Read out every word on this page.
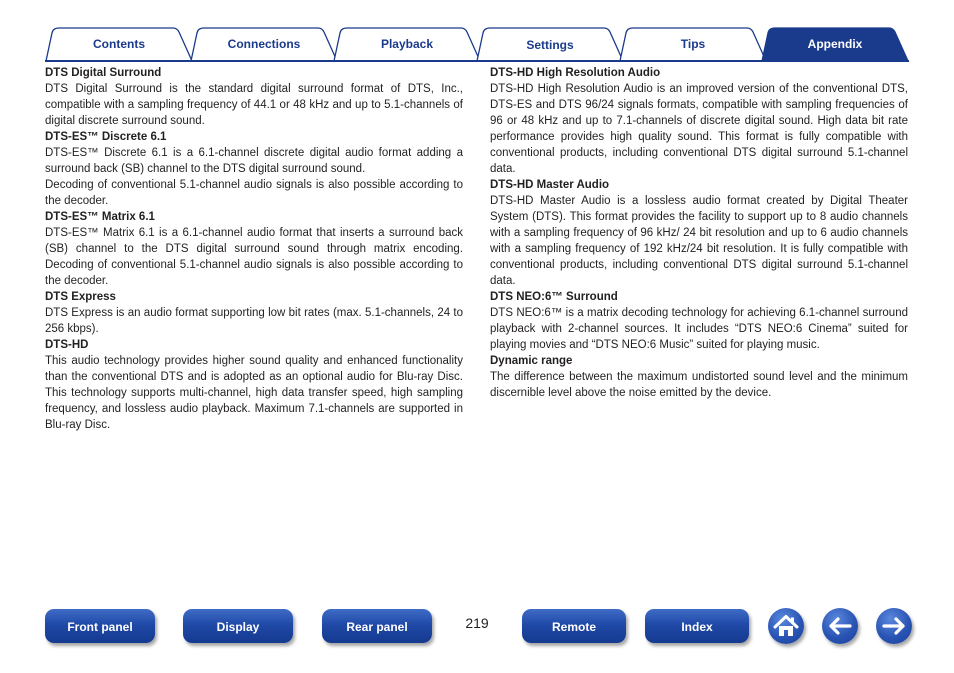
Contents	Connections	Playback	Settings	Tips	Appendix
DTS Digital Surround

DTS Digital Surround is the standard digital surround format of DTS, Inc., compatible with a sampling frequency of 44.1 or 48 kHz and up to 5.1-channels of digital discrete surround sound.

DTS-ES™ Discrete 6.1

DTS-ES™ Discrete 6.1 is a 6.1-channel discrete digital audio format adding a surround back (SB) channel to the DTS digital surround sound.

Decoding of conventional 5.1-channel audio signals is also possible according to the decoder.

DTS-ES™ Matrix 6.1

DTS-ES™ Matrix 6.1 is a 6.1-channel audio format that inserts a surround back (SB) channel to the DTS digital surround sound through matrix encoding. Decoding of conventional 5.1-channel audio signals is also possible according to the decoder.

DTS Express

DTS Express is an audio format supporting low bit rates (max. 5.1-channels, 24 to 256 kbps).

DTS-HD

This audio technology provides higher sound quality and enhanced functionality than the conventional DTS and is adopted as an optional audio for Blu-ray Disc. This technology supports multi-channel, high data transfer speed, high sampling frequency, and lossless audio playback. Maximum 7.1-channels are supported in Blu-ray Disc.

DTS-HD High Resolution Audio

DTS-HD High Resolution Audio is an improved version of the conventional DTS, DTS-ES and DTS 96/24 signals formats, compatible with sampling frequencies of 96 or 48 kHz and up to 7.1-channels of discrete digital sound. High data bit rate performance provides high quality sound. This format is fully compatible with conventional products, including conventional DTS digital surround 5.1-channel data.

DTS-HD Master Audio

DTS-HD Master Audio is a lossless audio format created by Digital Theater System (DTS). This format provides the facility to support up to 8 audio channels with a sampling frequency of 96 kHz/ 24 bit resolution and up to 6 audio channels with a sampling frequency of 192 kHz/24 bit resolution. It is fully compatible with conventional products, including conventional DTS digital surround 5.1-channel data.

DTS NEO:6™ Surround

DTS NEO:6™ is a matrix decoding technology for achieving 6.1-channel surround playback with 2-channel sources. It includes “DTS NEO:6 Cinema” suited for playing movies and “DTS NEO:6 Music” suited for playing music.

Dynamic range

The difference between the maximum undistorted sound level and the minimum discernible level above the noise emitted by the device.

Front panel	Display	Rear panel	219	Remote	Index
